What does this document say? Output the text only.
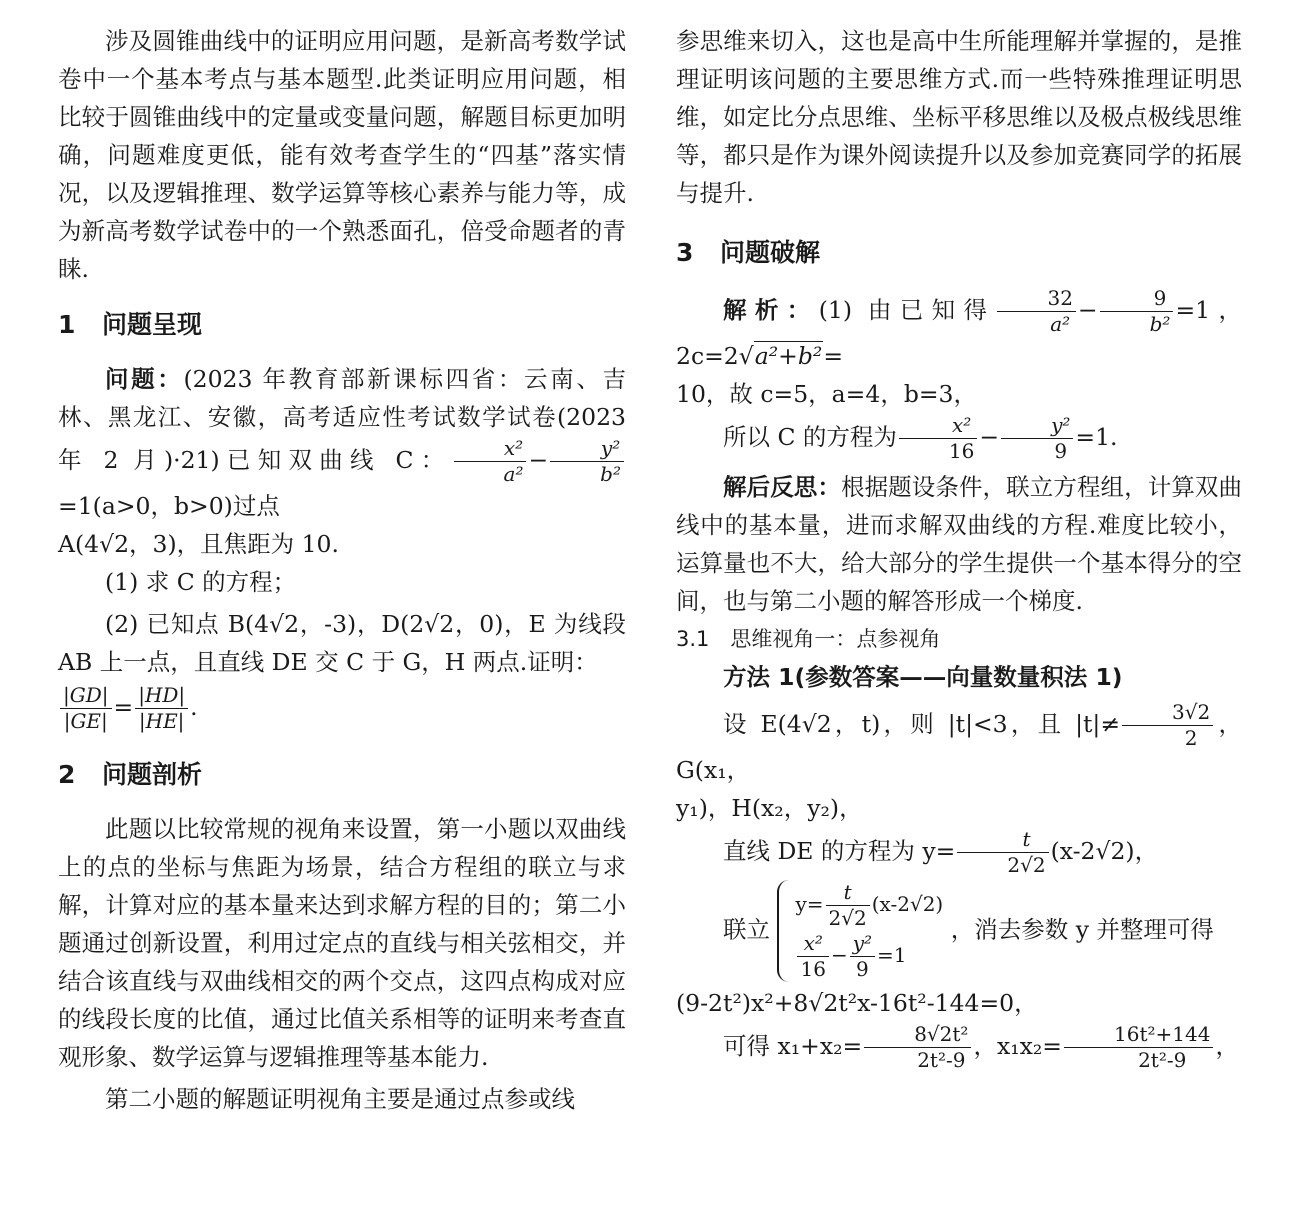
涉及圆锥曲线中的证明应用问题，是新高考数学试卷中一个基本考点与基本题型.此类证明应用问题，相比较于圆锥曲线中的定量或变量问题，解题目标更加明确，问题难度更低，能有效考查学生的“四基”落实情况，以及逻辑推理、数学运算等核心素养与能力等，成为新高考数学试卷中的一个熟悉面孔，倍受命题者的青睐.

1 问题呈现

问题：(2023 年教育部新课标四省：云南、吉林、黑龙江、安徽，高考适应性考试数学试卷(2023 年 2 月)·21)已知双曲线 C： $\frac{\text{x²}}{\text{a²}} - \frac{\text{y²}}{\text{b²}}$
=1(a>0，b>0)过点

A(4√2，3)，且焦距为 10.

(1) 求 C 的方程；

(2) 已知点 B(4√2，-3)，D(2√2，0)，E 为线段 AB 上一点，且直线 DE 交 C 于 G，H 两点.证明：

$\frac{|GD|}{|GE|} = \frac{|HD|}{|HE|}$ .

2 问题剖析

此题以比较常规的视角来设置，第一小题以双曲线上的点的坐标与焦距为场景，结合方程组的联立与求解，计算对应的基本量来达到求解方程的目的；第二小题通过创新设置，利用过定点的直线与相关弦相交，并结合该直线与双曲线相交的两个交点，这四点构成对应的线段长度的比值，通过比值关系相等的证明来考查直观形象、数学运算与逻辑推理等基本能力.

第二小题的解题证明视角主要是通过点参或线

参思维来切入，这也是高中生所能理解并掌握的，是推理证明该问题的主要思维方式.而一些特殊推理证明思维，如定比分点思维、坐标平移思维以及极点极线思维等，都只是作为课外阅读提升以及参加竞赛同学的拓展与提升.

3 问题破解

解析：(1) 由已知得 $\frac{32}{\text{a²}} - \frac{9}{\text{b²}} =1$，2c=2√a²+b²=

10，故 c=5，a=4，b=3，

所以 C 的方程为 $\frac{\text{x²}}{16} - \frac{\text{y²}}{9} =1$.

解后反思：根据题设条件，联立方程组，计算双曲线中的基本量，进而求解双曲线的方程.难度比较小，运算量也不大，给大部分的学生提供一个基本得分的空间，也与第二小题的解答形成一个梯度.

3.1　思维视角一：点参视角

方法 1(参数答案——向量数量积法 1)

设 E(4√2，t)，则 |t|<3，且 $|t|\ne \frac{3√2}{2}$ ，G(x₁，

y₁)，H(x₂，y₂)，

直线 DE 的方程为 $y= \frac{t}{2√2} (x-2√2)$，

联立
$y= \frac{t}{2√2} (x-2√2)$
$\frac{\text{x²}}{16} - \frac{\text{y²}}{9} =1$
，消去参数 y 并整理可得

(9-2t²)x²+8√2t²x-16t²-144=0，

可得 $x_1+x_2= \frac{\text{8√2t²}}{\text{2t²-9}}$ ，$x_1x_2= \frac{\text{16t²+144}}{\text{2t²-9}}$ ，
